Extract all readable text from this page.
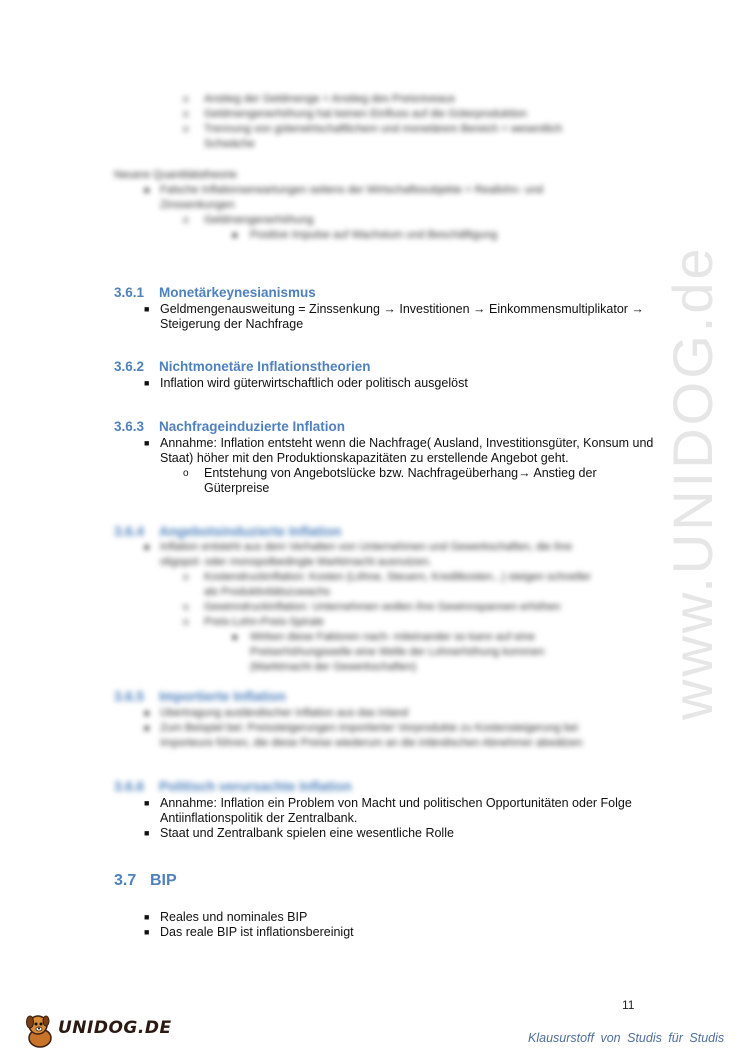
www.UNIDOG.de
o Anstieg der Geldmenge = Anstieg des Preisniveaus
o Geldmengenerhöhung hat keinen Einfluss auf die Güterproduktion
o Trennung von güterwirtschaftlichem und monetärem Bereich = wesentlich
Schwäche
Neuere Quantitätstheorie
■ Falsche Inflationserwartungen seitens der Wirtschaftssubjekte = Reallohn- und
Zinssenkungen
o Geldmengenerhöhung
■ Positive Impulse auf Wachstum und Beschäftigung
3.6.1 Monetärkeynesianismus
■ Geldmengenausweitung = Zinssenkung → Investitionen → Einkommensmultiplikator →
Steigerung der Nachfrage
3.6.2 Nichtmonetäre Inflationstheorien
■ Inflation wird güterwirtschaftlich oder politisch ausgelöst
3.6.3 Nachfrageinduzierte Inflation
■ Annahme: Inflation entsteht wenn die Nachfrage( Ausland, Investitionsgüter, Konsum und
Staat) höher mit den Produktionskapazitäten zu erstellende Angebot geht.
o Entstehung von Angebotslücke bzw. Nachfrageüberhang→ Anstieg der
Güterpreise
3.6.4 Angebotsinduzierte Inflation
■ Inflation entsteht aus dem Verhalten von Unternehmen und Gewerkschaften, die ihre
oligopol- oder monopolbedingte Marktmacht ausnutzen.
o Kostendruckinflation: Kosten (Löhne, Steuern, Kreditkosten...) steigen schneller
als Produktivitätszuwachs
o Gewinndruckinflation: Unternehmen wollen ihre Gewinnspannen erhöhen
o Preis-Lohn-Preis-Spirale
■ Wirken diese Faktoren nach- miteinander so kann auf eine
Preiserhöhungswelle eine Welle der Lohnerhöhung kommen
(Marktmacht der Gewerkschaften)
3.6.5 Importierte Inflation
■ Übertragung ausländischer Inflation aus das Inland
■ Zum Beispiel bei: Preissteigerungen importierter Vorprodukte zu Kostensteigerung bei
Importeure führen, die diese Preise wiederum an die inländischen Abnehmer abwälzen
3.6.6 Politisch verursachte Inflation
■ Annahme: Inflation ein Problem von Macht und politischen Opportunitäten oder Folge
Antiinflationspolitik der Zentralbank.
■ Staat und Zentralbank spielen eine wesentliche Rolle
3.7 BIP
■ Reales und nominales BIP
■ Das reale BIP ist inflationsbereinigt
11
UNIDOG.DE	Klausurstoff von Studis für Studis
